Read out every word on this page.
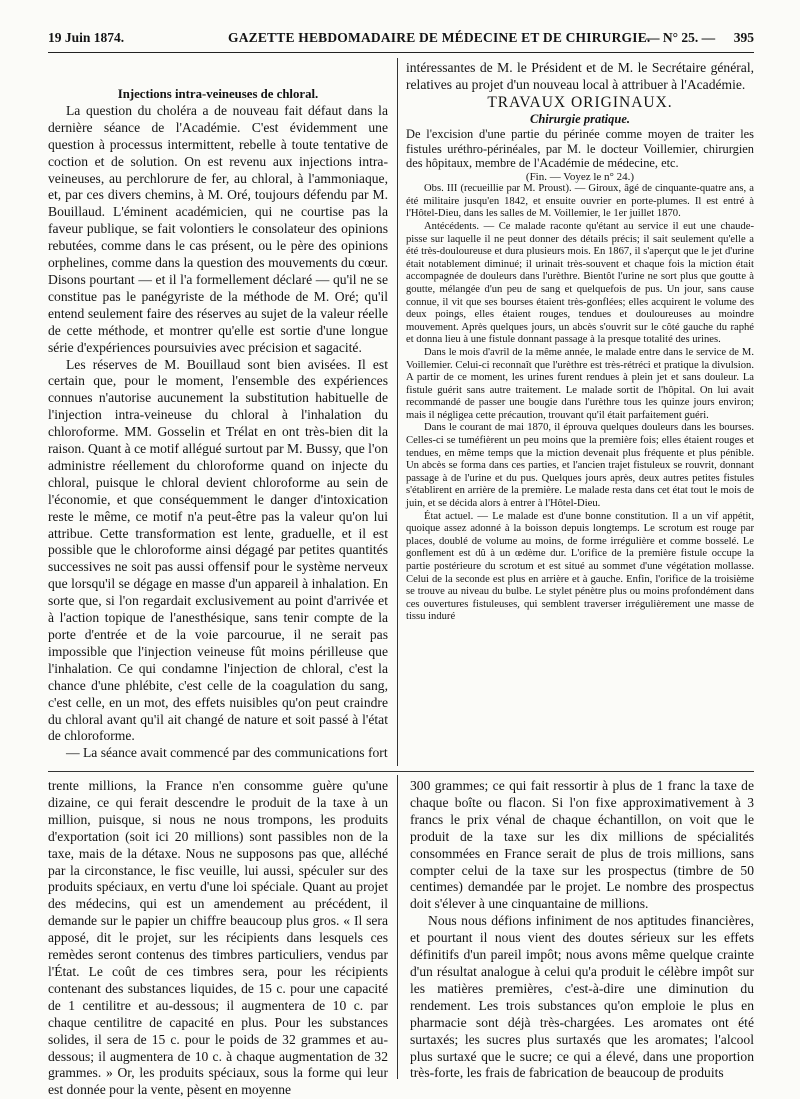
19 Juin 1874.	GAZETTE HEBDOMADAIRE DE MÉDECINE ET DE CHIRURGIE.
— N° 25. — 395

Injections intra-veineuses de chloral.

La question du choléra a de nouveau fait défaut dans la dernière séance de l'Académie. C'est évidemment une question à processus intermittent, rebelle à toute tentative de coction et de solution. On est revenu aux injections intra-veineuses, au perchlorure de fer, au chloral, à l'ammoniaque, et, par ces divers chemins, à M. Oré, toujours défendu par M. Bouillaud. L'éminent académicien, qui ne courtise pas la faveur publique, se fait volontiers le consolateur des opinions rebutées, comme dans le cas présent, ou le père des opinions orphelines, comme dans la question des mouvements du cœur. Disons pourtant — et il l'a formellement déclaré — qu'il ne se constitue pas le panégyriste de la méthode de M. Oré; qu'il entend seulement faire des réserves au sujet de la valeur réelle de cette méthode, et montrer qu'elle est sortie d'une longue série d'expériences poursuivies avec précision et sagacité.

Les réserves de M. Bouillaud sont bien avisées. Il est certain que, pour le moment, l'ensemble des expériences connues n'autorise aucunement la substitution habituelle de l'injection intra-veineuse du chloral à l'inhalation du chloroforme. MM. Gosselin et Trélat en ont très-bien dit la raison. Quant à ce motif allégué surtout par M. Bussy, que l'on administre réellement du chloroforme quand on injecte du chloral, puisque le chloral devient chloroforme au sein de l'économie, et que conséquemment le danger d'intoxication reste le même, ce motif n'a peut-être pas la valeur qu'on lui attribue. Cette transformation est lente, graduelle, et il est possible que le chloroforme ainsi dégagé par petites quantités successives ne soit pas aussi offensif pour le système nerveux que lorsqu'il se dégage en masse d'un appareil à inhalation. En sorte que, si l'on regardait exclusivement au point d'arrivée et à l'action topique de l'anesthésique, sans tenir compte de la porte d'entrée et de la voie parcourue, il ne serait pas impossible que l'injection veineuse fût moins périlleuse que l'inhalation. Ce qui condamne l'injection de chloral, c'est la chance d'une phlébite, c'est celle de la coagulation du sang, c'est celle, en un mot, des effets nuisibles qu'on peut craindre du chloral avant qu'il ait changé de nature et soit passé à l'état de chloroforme.

— La séance avait commencé par des communications fort

intéressantes de M. le Président et de M. le Secrétaire général, relatives au projet d'un nouveau local à attribuer à l'Académie.

TRAVAUX ORIGINAUX.

Chirurgie pratique.

De l'excision d'une partie du périnée comme moyen de traiter les fistules uréthro-périnéales, par M. le docteur Voillemier, chirurgien des hôpitaux, membre de l'Académie de médecine, etc.

(Fin. — Voyez le n° 24.)

Obs. III (recueillie par M. Proust). — Giroux, âgé de cinquante-quatre ans, a été militaire jusqu'en 1842, et ensuite ouvrier en porte-plumes. Il est entré à l'Hôtel-Dieu, dans les salles de M. Voillemier, le 1er juillet 1870.

Antécédents. — Ce malade raconte qu'étant au service il eut une chaude-pisse sur laquelle il ne peut donner des détails précis; il sait seulement qu'elle a été très-douloureuse et dura plusieurs mois. En 1867, il s'aperçut que le jet d'urine était notablement diminué; il urinait très-souvent et chaque fois la miction était accompagnée de douleurs dans l'urèthre. Bientôt l'urine ne sort plus que goutte à goutte, mélangée d'un peu de sang et quelquefois de pus. Un jour, sans cause connue, il vit que ses bourses étaient très-gonflées; elles acquirent le volume des deux poings, elles étaient rouges, tendues et douloureuses au moindre mouvement. Après quelques jours, un abcès s'ouvrit sur le côté gauche du raphé et donna lieu à une fistule donnant passage à la presque totalité des urines.

Dans le mois d'avril de la même année, le malade entre dans le service de M. Voillemier. Celui-ci reconnaît que l'urèthre est très-rétréci et pratique la divulsion. A partir de ce moment, les urines furent rendues à plein jet et sans douleur. La fistule guérit sans autre traitement. Le malade sortit de l'hôpital. On lui avait recommandé de passer une bougie dans l'urèthre tous les quinze jours environ; mais il négligea cette précaution, trouvant qu'il était parfaitement guéri.

Dans le courant de mai 1870, il éprouva quelques douleurs dans les bourses. Celles-ci se tuméfièrent un peu moins que la première fois; elles étaient rouges et tendues, en même temps que la miction devenait plus fréquente et plus pénible. Un abcès se forma dans ces parties, et l'ancien trajet fistuleux se rouvrit, donnant passage à de l'urine et du pus. Quelques jours après, deux autres petites fistules s'établirent en arrière de la première. Le malade resta dans cet état tout le mois de juin, et se décida alors à entrer à l'Hôtel-Dieu.

État actuel. — Le malade est d'une bonne constitution. Il a un vif appétit, quoique assez adonné à la boisson depuis longtemps. Le scrotum est rouge par places, doublé de volume au moins, de forme irrégulière et comme bosselé. Le gonflement est dû à un œdème dur. L'orifice de la première fistule occupe la partie postérieure du scrotum et est situé au sommet d'une végétation mollasse. Celui de la seconde est plus en arrière et à gauche. Enfin, l'orifice de la troisième se trouve au niveau du bulbe. Le stylet pénètre plus ou moins profondément dans ces ouvertures fistuleuses, qui semblent traverser irrégulièrement une masse de tissu induré

trente millions, la France n'en consomme guère qu'une dizaine, ce qui ferait descendre le produit de la taxe à un million, puisque, si nous ne nous trompons, les produits d'exportation (soit ici 20 millions) sont passibles non de la taxe, mais de la détaxe. Nous ne supposons pas que, alléché par la circonstance, le fisc veuille, lui aussi, spéculer sur des produits spéciaux, en vertu d'une loi spéciale. Quant au projet des médecins, qui est un amendement au précédent, il demande sur le papier un chiffre beaucoup plus gros. « Il sera apposé, dit le projet, sur les récipients dans lesquels ces remèdes seront contenus des timbres particuliers, vendus par l'État. Le coût de ces timbres sera, pour les récipients contenant des substances liquides, de 15 c. pour une capacité de 1 centilitre et au-dessous; il augmentera de 10 c. par chaque centilitre de capacité en plus. Pour les substances solides, il sera de 15 c. pour le poids de 32 grammes et au-dessous; il augmentera de 10 c. à chaque augmentation de 32 grammes. » Or, les produits spéciaux, sous la forme qui leur est donnée pour la vente, pèsent en moyenne

300 grammes; ce qui fait ressortir à plus de 1 franc la taxe de chaque boîte ou flacon. Si l'on fixe approximativement à 3 francs le prix vénal de chaque échantillon, on voit que le produit de la taxe sur les dix millions de spécialités consommées en France serait de plus de trois millions, sans compter celui de la taxe sur les prospectus (timbre de 50 centimes) demandée par le projet. Le nombre des prospectus doit s'élever à une cinquantaine de millions.

Nous nous défions infiniment de nos aptitudes financières, et pourtant il nous vient des doutes sérieux sur les effets définitifs d'un pareil impôt; nous avons même quelque crainte d'un résultat analogue à celui qu'a produit le célèbre impôt sur les matières premières, c'est-à-dire une diminution du rendement. Les trois substances qu'on emploie le plus en pharmacie sont déjà très-chargées. Les aromates ont été surtaxés; les sucres plus surtaxés que les aromates; l'alcool plus surtaxé que le sucre; ce qui a élevé, dans une proportion très-forte, les frais de fabrication de beaucoup de produits
